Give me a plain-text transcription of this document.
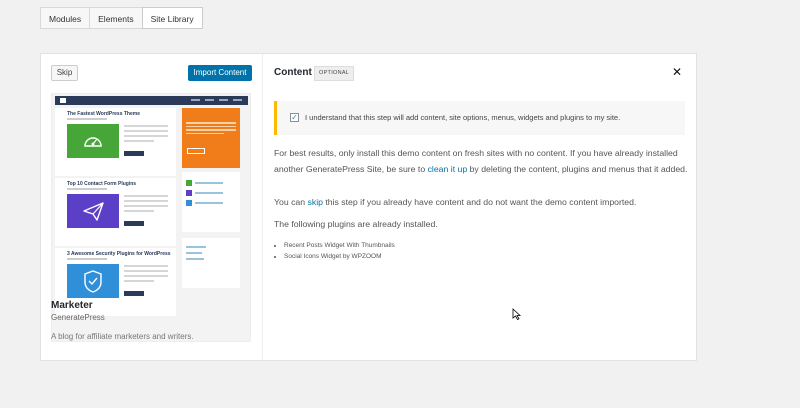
Modules	Elements	Site Library
Skip	Import Content
The Fastest WordPress Theme
Top 10 Contact Form Plugins
3 Awesome Security Plugins for WordPress
Marketer
GeneratePress
A blog for affiliate marketers and writers.
Content	OPTIONAL	✕
✓ I understand that this step will add content, site options, menus, widgets and plugins to my site.
For best results, only install this demo content on fresh sites with no content. If you have already installed another GeneratePress Site, be sure to clean it up by deleting the content, plugins and menus that it added.
You can skip this step if you already have content and do not want the demo content imported.
The following plugins are already installed.
• Recent Posts Widget With Thumbnails
• Social Icons Widget by WPZOOM
